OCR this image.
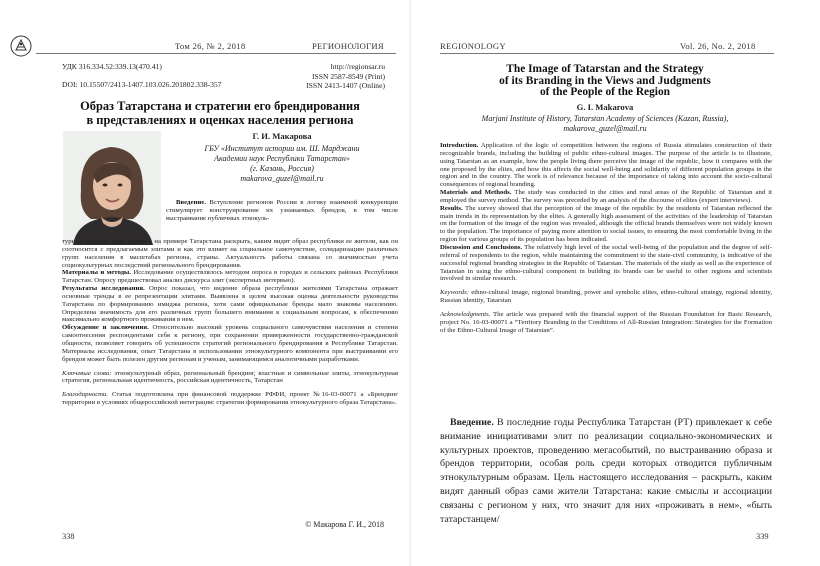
Том 26, № 2, 2018	РЕГИОНОЛОГИЯ
УДК 316.334.52:339.13(470.41)
DOI: 10.15507/2413-1407.103.026.201802.338-357
http://regionsar.ru
ISSN 2587-8549 (Print)
ISSN 2413-1407 (Online)
Образ Татарстана и стратегии его брендирования
в представлениях и оценках населения региона
Г. И. Макарова
ГБУ «Институт истории им. Ш. Марджани
Академии наук Республики Татарстан»
(г. Казань, Россия)
makarova_guzel@mail.ru
Введение. Вступление регионов России в логику взаимной конкуренции стимулирует конструирование их узнаваемых брендов, в том числе выстраивание публичных этнокуль-

турных образов. Цель статьи – на примере Татарстана раскрыть, каким видят образ республики ее жители, как он соотносится с предлагаемым элитами и как это влияет на социальное самочувствие, солидаризацию различных групп населения в масштабах региона, страны. Актуальность работы связана со значимостью учета социокультурных последствий регионального брендирования.

Материалы и методы. Исследование осуществлялось методом опроса в городах и сельских районах Республики Татарстан. Опросу предшествовал анализ дискурса элит (экспертных интервью).

Результаты исследования. Опрос показал, что видение образа республики жителями Татарстана отражает основные тренды в ее репрезентации элитами. Выявлена в целом высокая оценка деятельности руководства Татарстана по формированию имиджа региона, хотя сами официальные бренды мало знакомы населению. Определена значимость для его различных групп большего внимания к социальным вопросам, к обеспечению максимально комфортного проживания в нем.

Обсуждение и заключения. Относительно высокий уровень социального самочувствия населения и степени самоотнесения респондентами себя к региону, при сохранении приверженности государственно-гражданской общности, позволяет говорить об успешности стратегий регионального брендирования в Республике Татарстан. Материалы исследования, опыт Татарстана в использовании этнокультурного компонента при выстраивании его брендов может быть полезен другим регионам и ученым, занимающимся аналогичными разработками.

Ключевые слова: этнокультурный образ, региональный брендинг, властные и символьные элиты, этнокультурная стратегия, региональная идентичность, российская идентичность, Татарстан

Благодарности. Статья подготовлена при финансовой поддержке РФФИ, проект №16-03-00071 а «Брендинг территории в условиях общероссийской интеграции: стратегии формирования этнокультурного образа Татарстана».

© Макарова Г. И., 2018
338
REGIONOLOGY	Vol. 26, No. 2, 2018
The Image of Tatarstan and the Strategy
of its Branding in the Views and Judgments
of the People of the Region
G. I. Makarova
Marjani Institute of History, Tatarstan Academy of Sciences (Kazan, Russia),
makarova_guzel@mail.ru

Introduction. Application of the logic of competition between the regions of Russia stimulates construction of their recognizable brands, including the building of public ethno-cultural images. The purpose of the article is to illustrate, using Tatarstan as an example, how the people living there perceive the image of the republic, how it compares with the one proposed by the elites, and how this affects the social well-being and solidarity of different population groups in the region and in the country. The work is of relevance because of the importance of taking into account the socio-cultural consequences of regional branding.

Materials and Methods. The study was conducted in the cities and rural areas of the Republic of Tatarstan and it employed the survey method. The survey was preceded by an analysis of the discourse of elites (expert interviews).

Results. The survey showed that the perception of the image of the republic by the residents of Tatarstan reflected the main trends in its representation by the elites. A generally high assessment of the activities of the leadership of Tatarstan on the formation of the image of the region was revealed, although the official brands themselves were not widely known to the population. The importance of paying more attention to social issues, to ensuring the most comfortable living in the region for various groups of its population has been indicated.

Discussion and Conclusions. The relatively high level of the social well-being of the population and the degree of self-referral of respondents to the region, while maintaining the commitment to the state-civil community, is indicative of the successful regional branding strategies in the Republic of Tatarstan. The materials of the study as well as the experience of Tatarstan in using the ethno-cultural component in building its brands can be useful to other regions and scientists involved in similar research.

Keywords: ethno-cultural image, regional branding, power and symbolic elites, ethno-cultural strategy, regional identity, Russian identity, Tatarstan

Acknowledgments. The article was prepared with the financial support of the Russian Foundation for Basic Research, project No. 16-03-00071 a “Territory Branding in the Conditions of All-Russian Integration: Strategies for the Formation of the Ethno-Cultural Image of Tatarstan”.

Введение. В последние годы Республика Татарстан (РТ) привлекает к себе внимание инициативами элит по реализации социально-экономических и культурных проектов, проведению мегасобытий, по выстраиванию образа и брендов территории, особая роль среди которых отводится публичным этнокультурным образам. Цель настоящего исследования – раскрыть, каким видят данный образ сами жители Татарстана: какие смыслы и ассоциации связаны с регионом у них, что значит для них «проживать в нем», «быть татарстанцем/

339
